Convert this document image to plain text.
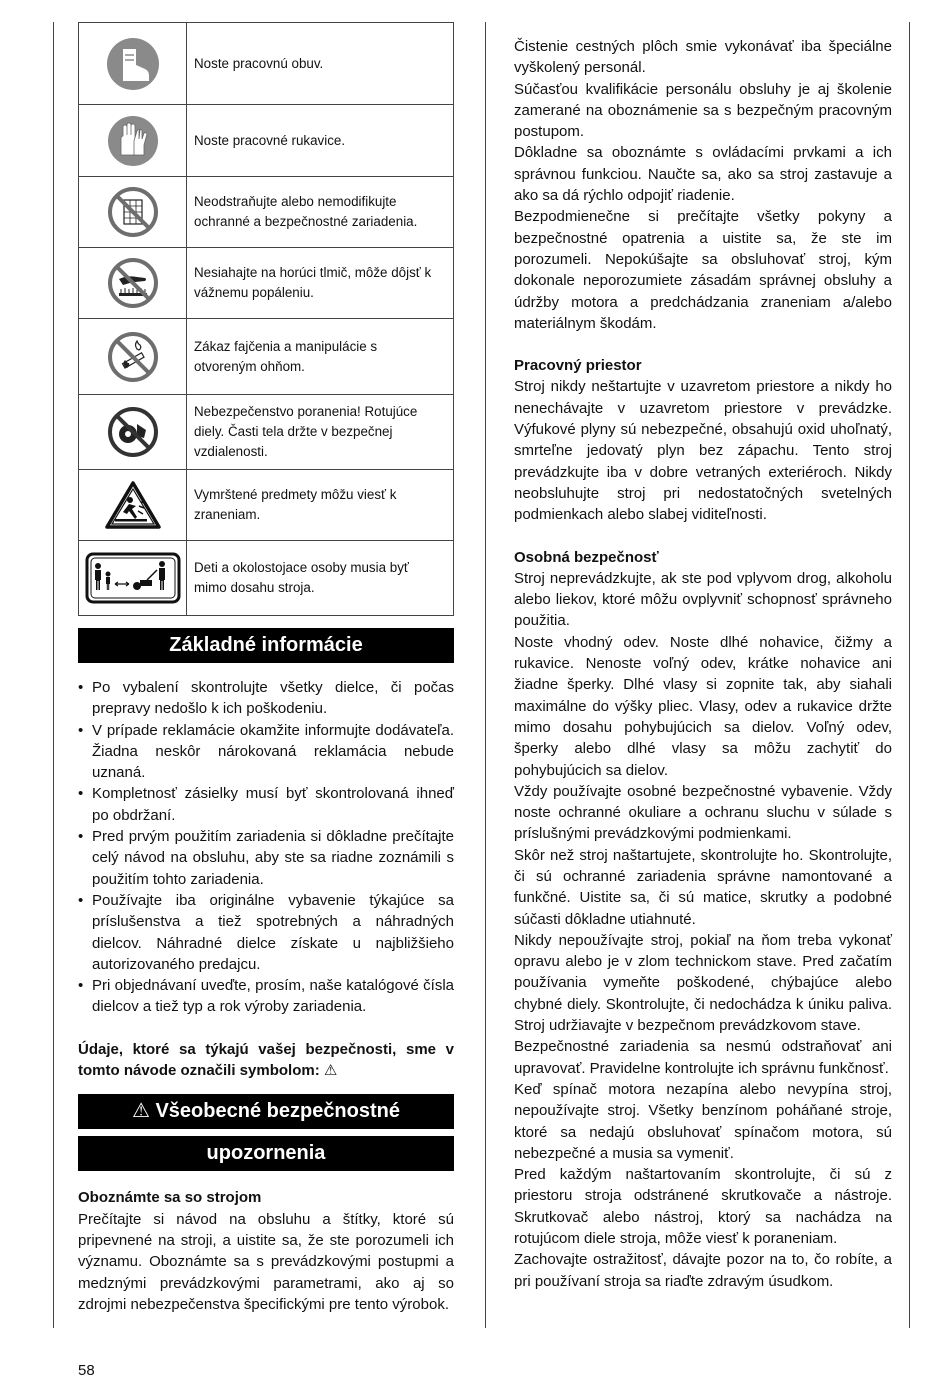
	Noste pracovnú obuv.
	Noste pracovné rukavice.
	Neodstraňujte alebo nemodifikujte ochranné a bezpečnostné zariadenia.
	Nesiahajte na horúci tlmič, môže dôjsť k vážnemu popáleniu.
	Zákaz fajčenia a manipulácie s otvoreným ohňom.
	Nebezpečenstvo poranenia! Rotujúce diely. Časti tela držte v bezpečnej vzdialenosti.
	Vymrštené predmety môžu viesť k zraneniam.
	Deti a okolostojace osoby musia byť mimo dosahu stroja.
Základné informácie
• Po vybalení skontrolujte všetky dielce, či počas prepravy nedošlo k ich poškodeniu.
• V prípade reklamácie okamžite informujte dodávateľa. Žiadna neskôr nárokovaná reklamácia nebude uznaná.
• Kompletnosť zásielky musí byť skontrolovaná ihneď po obdržaní.
• Pred prvým použitím zariadenia si dôkladne prečítajte celý návod na obsluhu, aby ste sa riadne zoznámili s použitím tohto zariadenia.
• Používajte iba originálne vybavenie týkajúce sa príslušenstva a tiež spotrebných a náhradných dielcov. Náhradné dielce získate u najbližšieho autorizovaného predajcu.
• Pri objednávaní uveďte, prosím, naše katalógové čísla dielcov a tiež typ a rok výroby zariadenia.

Údaje, ktoré sa týkajú vašej bezpečnosti, sme v tomto návode označili symbolom: ⚠

⚠ Všeobecné bezpečnostné
upozornenia
Oboznámte sa so strojom

Prečítajte si návod na obsluhu a štítky, ktoré sú pripevnené na stroji, a uistite sa, že ste porozumeli ich významu. Oboznámte sa s prevádzkovými postupmi a medznými prevádzkovými parametrami, ako aj so zdrojmi nebezpečenstva špecifickými pre tento výrobok.

Čistenie cestných plôch smie vykonávať iba špeciálne vyškolený personál.

Súčasťou kvalifikácie personálu obsluhy je aj školenie zamerané na oboznámenie sa s bezpečným pracovným postupom.

Dôkladne sa oboznámte s ovládacími prvkami a ich správnou funkciou. Naučte sa, ako sa stroj zastavuje a ako sa dá rýchlo odpojiť riadenie.

Bezpodmienečne si prečítajte všetky pokyny a bezpečnostné opatrenia a uistite sa, že ste im porozumeli. Nepokúšajte sa obsluhovať stroj, kým dokonale neporozumiete zásadám správnej obsluhy a údržby motora a predchádzania zraneniam a/alebo materiálnym škodám.

Pracovný priestor

Stroj nikdy neštartujte v uzavretom priestore a nikdy ho nenechávajte v uzavretom priestore v prevádzke. Výfukové plyny sú nebezpečné, obsahujú oxid uhoľnatý, smrteľne jedovatý plyn bez zápachu. Tento stroj prevádzkujte iba v dobre vetraných exteriéroch. Nikdy neobsluhujte stroj pri nedostatočných svetelných podmienkach alebo slabej viditeľnosti.

Osobná bezpečnosť

Stroj neprevádzkujte, ak ste pod vplyvom drog, alkoholu alebo liekov, ktoré môžu ovplyvniť schopnosť správneho použitia.

Noste vhodný odev. Noste dlhé nohavice, čižmy a rukavice. Nenoste voľný odev, krátke nohavice ani žiadne šperky. Dlhé vlasy si zopnite tak, aby siahali maximálne do výšky pliec. Vlasy, odev a rukavice držte mimo dosahu pohybujúcich sa dielov. Voľný odev, šperky alebo dlhé vlasy sa môžu zachytiť do pohybujúcich sa dielov.

Vždy používajte osobné bezpečnostné vybavenie. Vždy noste ochranné okuliare a ochranu sluchu v súlade s príslušnými prevádzkovými podmienkami.

Skôr než stroj naštartujete, skontrolujte ho. Skontrolujte, či sú ochranné zariadenia správne namontované a funkčné. Uistite sa, či sú matice, skrutky a podobné súčasti dôkladne utiahnuté.

Nikdy nepoužívajte stroj, pokiaľ na ňom treba vykonať opravu alebo je v zlom technickom stave. Pred začatím používania vymeňte poškodené, chýbajúce alebo chybné diely. Skontrolujte, či nedochádza k úniku paliva. Stroj udržiavajte v bezpečnom prevádzkovom stave.

Bezpečnostné zariadenia sa nesmú odstraňovať ani upravovať. Pravidelne kontrolujte ich správnu funkčnosť.

Keď spínač motora nezapína alebo nevypína stroj, nepoužívajte stroj. Všetky benzínom poháňané stroje, ktoré sa nedajú obsluhovať spínačom motora, sú nebezpečné a musia sa vymeniť.

Pred každým naštartovaním skontrolujte, či sú z priestoru stroja odstránené skrutkovače a nástroje. Skrutkovač alebo nástroj, ktorý sa nachádza na rotujúcom diele stroja, môže viesť k poraneniam.

Zachovajte ostražitosť, dávajte pozor na to, čo robíte, a pri používaní stroja sa riaďte zdravým úsudkom.

58
